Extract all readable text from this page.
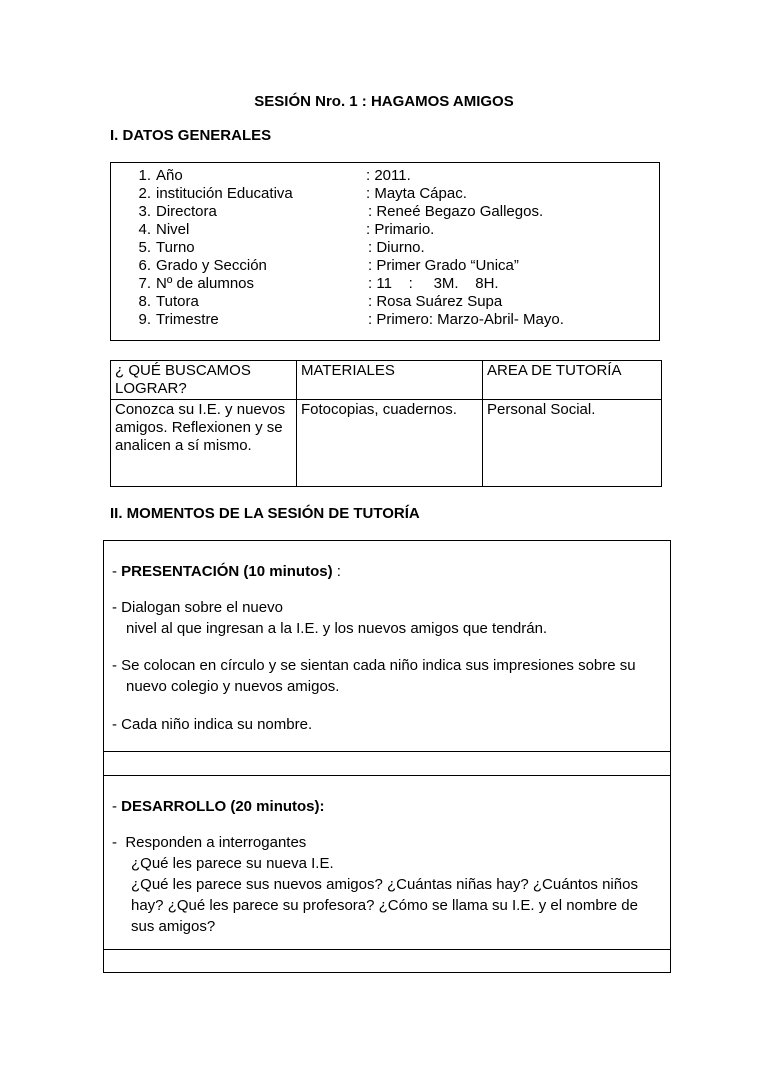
SESIÓN Nro. 1 : HAGAMOS AMIGOS
I. DATOS GENERALES
1. Año	: 2011.
2. institución Educativa	: Mayta Cápac.
3. Directora	: Reneé Begazo Gallegos.
4. Nivel	: Primario.
5. Turno	: Diurno.
6. Grado y Sección	: Primer Grado “Unica”
7. Nº de alumnos	: 11    :     3M.    8H.
8. Tutora	: Rosa Suárez Supa
9. Trimestre	: Primero: Marzo-Abril- Mayo.
¿ QUÉ BUSCAMOS LOGRAR?	MATERIALES	AREA DE TUTORÍA
Conozca su I.E. y nuevos amigos. Reflexionen y se analicen a sí mismo.	Fotocopias, cuadernos.	Personal Social.
II. MOMENTOS DE LA SESIÓN DE TUTORÍA
- PRESENTACIÓN (10 minutos) :
- Dialogan sobre el nuevo
nivel al que ingresan a la I.E. y los nuevos amigos que tendrán.
- Se colocan en círculo y se sientan cada niño indica sus impresiones sobre su
nuevo colegio y nuevos amigos.
- Cada niño indica su nombre.
- DESARROLLO (20 minutos):
- Responden a interrogantes
¿Qué les parece su nueva I.E.
¿Qué les parece sus nuevos amigos? ¿Cuántas niñas hay? ¿Cuántos niños
hay? ¿Qué les parece su profesora? ¿Cómo se llama su I.E. y el nombre de
sus amigos?
